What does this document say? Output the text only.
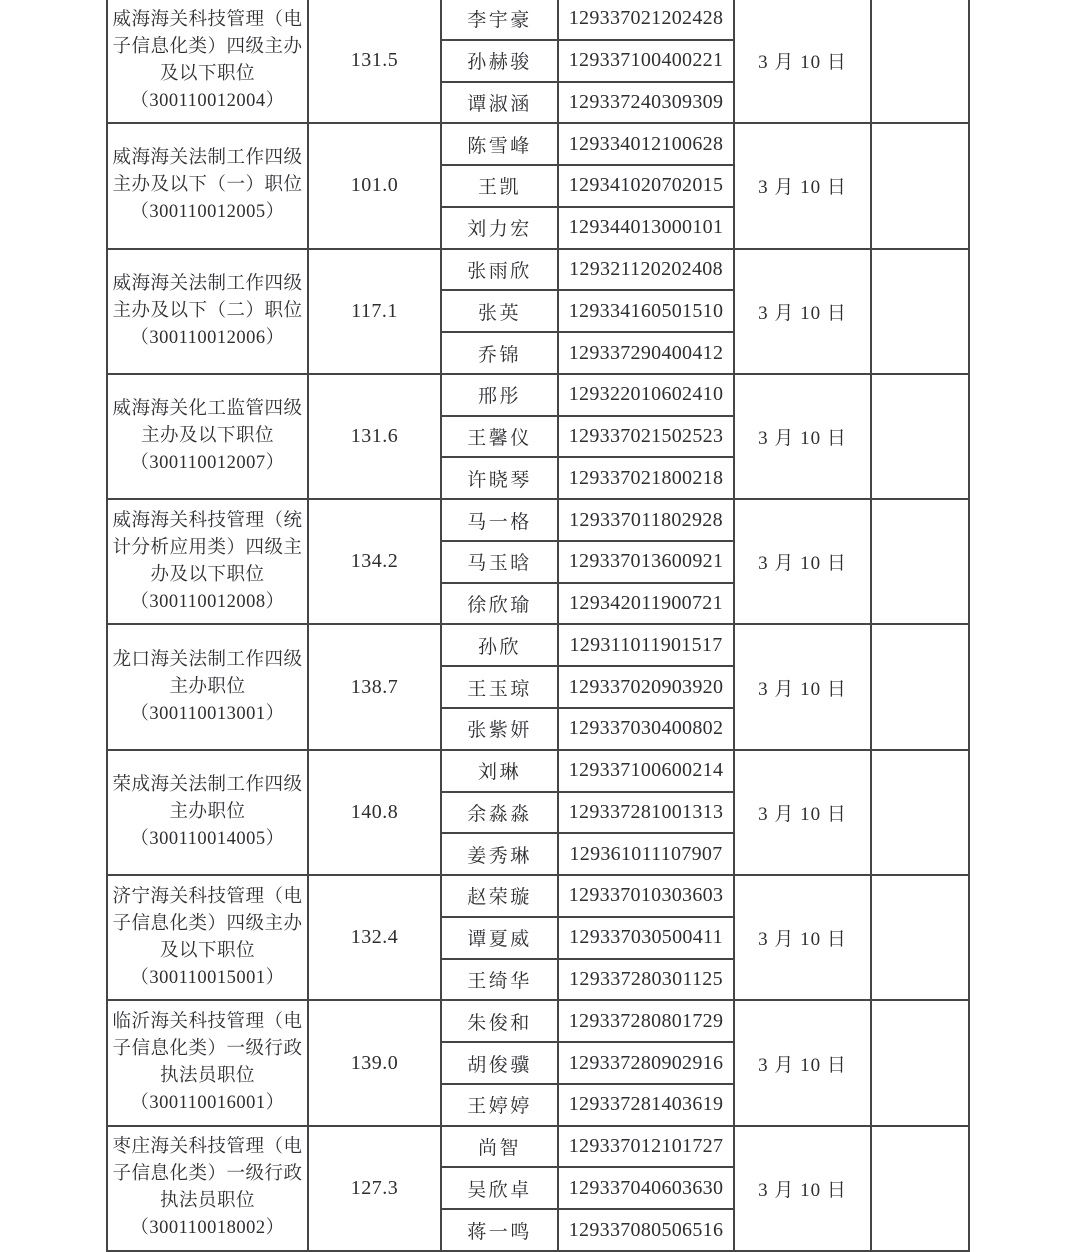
威海海关科技管理（电
子信息化类）四级主办
及以下职位
（300110012004）	131.5	李宇豪	129337021202428	3 月 10 日	
		孙赫骏	129337100400221		
		谭淑涵	129337240309309		

威海海关法制工作四级
主办及以下（一）职位
（300110012005）	101.0	陈雪峰	129334012100628	3 月 10 日	
		王凯	129341020702015		
		刘力宏	129344013000101		

威海海关法制工作四级
主办及以下（二）职位
（300110012006）	117.1	张雨欣	129321120202408	3 月 10 日	
		张英	129334160501510		
		乔锦	129337290400412		

威海海关化工监管四级
主办及以下职位
（300110012007）	131.6	邢彤	129322010602410	3 月 10 日	
		王馨仪	129337021502523		
		许晓琴	129337021800218		

威海海关科技管理（统
计分析应用类）四级主
办及以下职位
（300110012008）	134.2	马一格	129337011802928	3 月 10 日	
		马玉晗	129337013600921		
		徐欣瑜	129342011900721		

龙口海关法制工作四级
主办职位
（300110013001）	138.7	孙欣	129311011901517	3 月 10 日	
		王玉琼	129337020903920		
		张紫妍	129337030400802		

荣成海关法制工作四级
主办职位
（300110014005）	140.8	刘琳	129337100600214	3 月 10 日	
		余淼淼	129337281001313		
		姜秀琳	129361011107907		

济宁海关科技管理（电
子信息化类）四级主办
及以下职位
（300110015001）	132.4	赵荣璇	129337010303603	3 月 10 日	
		谭夏威	129337030500411		
		王绮华	129337280301125		

临沂海关科技管理（电
子信息化类）一级行政
执法员职位
（300110016001）	139.0	朱俊和	129337280801729	3 月 10 日	
		胡俊骥	129337280902916		
		王婷婷	129337281403619		

枣庄海关科技管理（电
子信息化类）一级行政
执法员职位
（300110018002）	127.3	尚智	129337012101727	3 月 10 日	
		吴欣卓	129337040603630		
		蒋一鸣	129337080506516		
